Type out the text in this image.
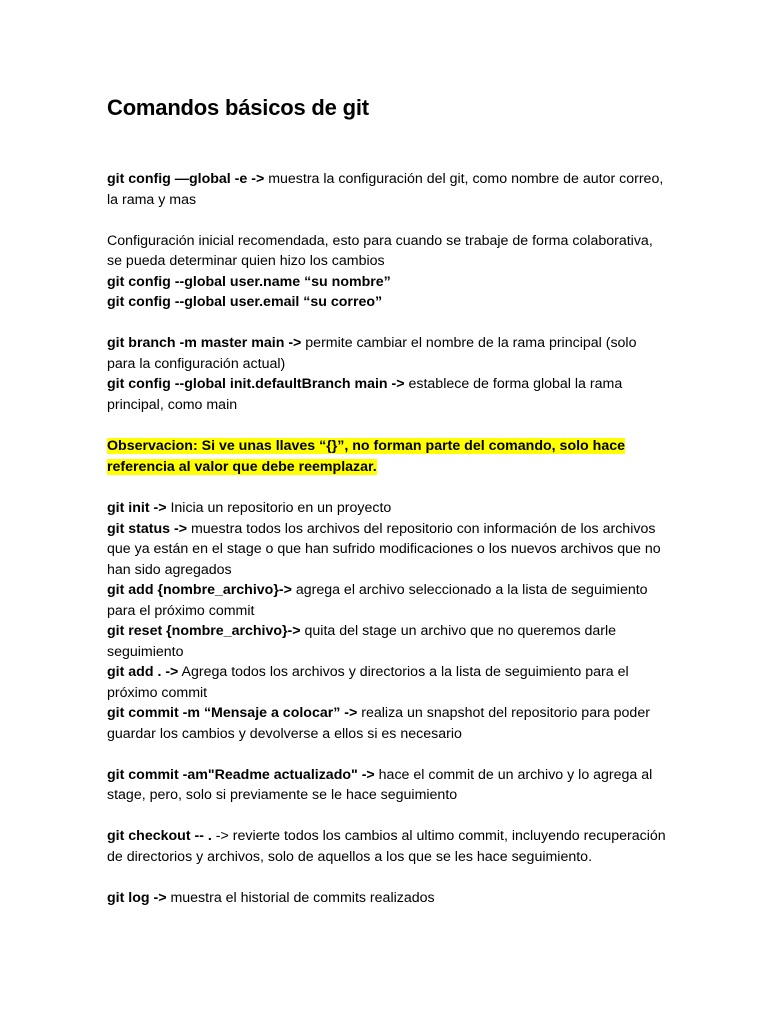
Comandos básicos de git

git config —global -e -> muestra la configuración del git, como nombre de autor correo, la rama y mas

Configuración inicial recomendada, esto para cuando se trabaje de forma colaborativa, se pueda determinar quien hizo los cambios
git config --global user.name “su nombre”
git config --global user.email “su correo”

git branch -m master main -> permite cambiar el nombre de la rama principal (solo para la configuración actual)
git config --global init.defaultBranch main -> establece de forma global la rama principal, como main

Observacion: Si ve unas llaves “{}”, no forman parte del comando, solo hace
referencia al valor que debe reemplazar.

git init -> Inicia un repositorio en un proyecto
git status -> muestra todos los archivos del repositorio con información de los archivos que ya están en el stage o que han sufrido modificaciones o los nuevos archivos que no han sido agregados
git add {nombre_archivo}-> agrega el archivo seleccionado a la lista de seguimiento para el próximo commit
git reset {nombre_archivo}-> quita del stage un archivo que no queremos darle seguimiento
git add . -> Agrega todos los archivos y directorios a la lista de seguimiento para el próximo commit
git commit -m “Mensaje a colocar” -> realiza un snapshot del repositorio para poder guardar los cambios y devolverse a ellos si es necesario

git commit -am"Readme actualizado" -> hace el commit de un archivo y lo agrega al stage, pero, solo si previamente se le hace seguimiento

git checkout -- . -> revierte todos los cambios al ultimo commit, incluyendo recuperación de directorios y archivos, solo de aquellos a los que se les hace seguimiento.

git log -> muestra el historial de commits realizados
